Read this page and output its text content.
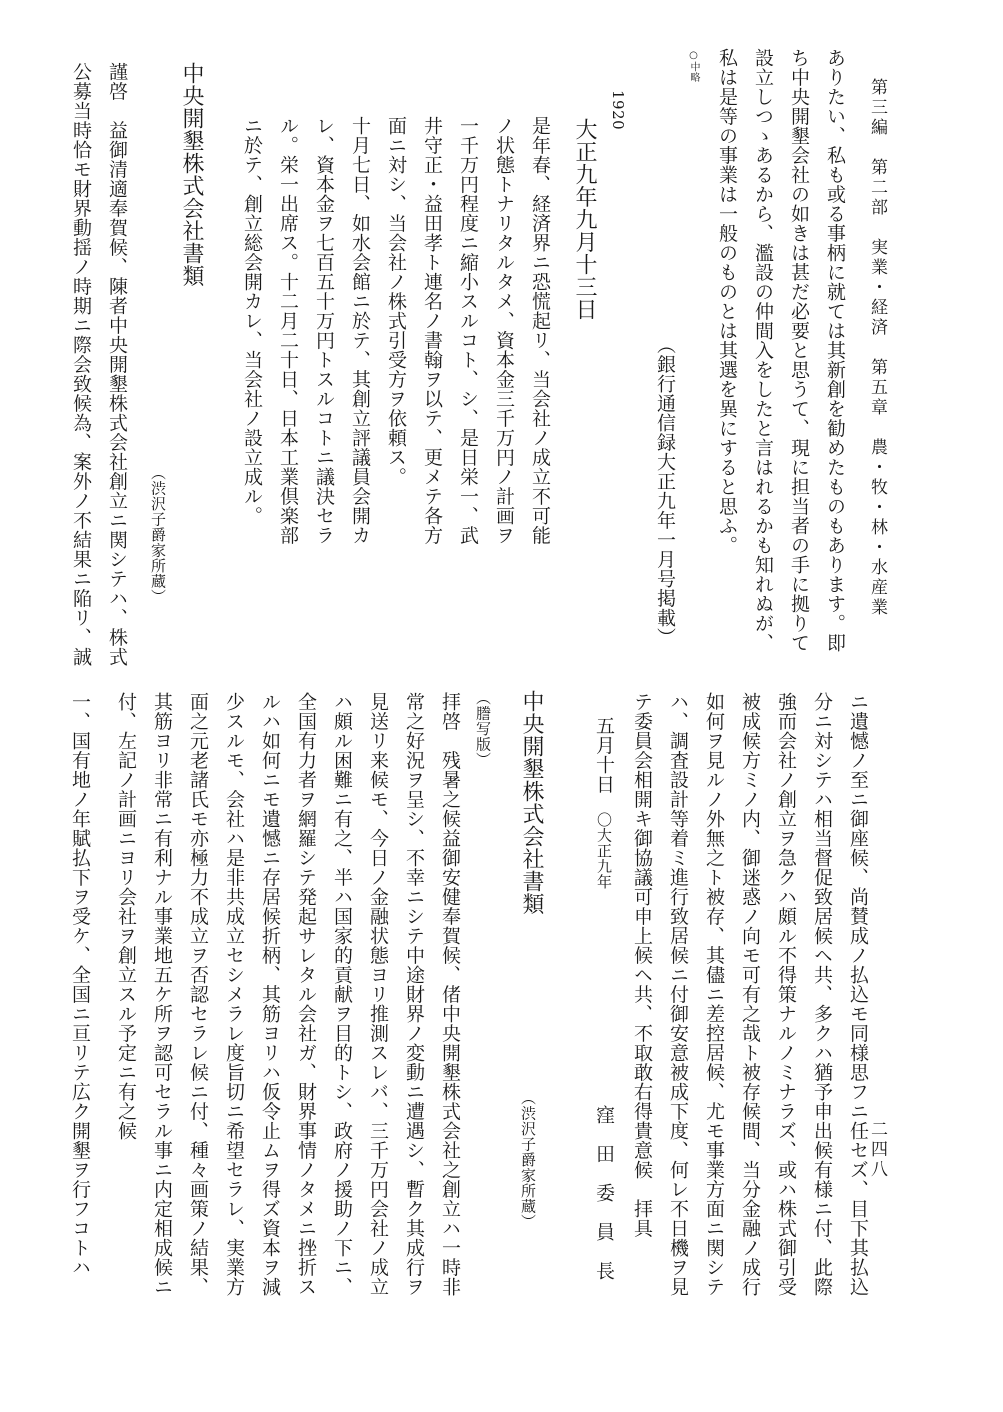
第三編　第二部　実業・経済　第五章　農・牧・林・水産業
二四八
ありたい、私も或る事柄に就ては其新創を勧めたものもあります。即
ち中央開墾会社の如きは甚だ必要と思うて、現に担当者の手に拠りて
設立しつゝあるから、濫設の仲間入をしたと言はれるかも知れぬが、
私は是等の事業は一般のものとは其選を異にすると思ふ。
○中略
（銀行通信録大正九年一月号掲載）
1920
大正九年九月十三日
是年春、経済界ニ恐慌起リ、当会社ノ成立不可能
ノ状態トナリタルタメ、資本金三千万円ノ計画ヲ
一千万円程度ニ縮小スルコト、シ、是日栄一、武
井守正・益田孝ト連名ノ書翰ヲ以テ、更メテ各方
面ニ対シ、当会社ノ株式引受方ヲ依頼ス。
十月七日、如水会館ニ於テ、其創立評議員会開カ
レ、資本金ヲ七百五十万円トスルコトニ議決セラ
ル。栄一出席ス。十二月二十日、日本工業倶楽部
ニ於テ、創立総会開カレ、当会社ノ設立成ル。
中央開墾株式会社書類
（渋沢子爵家所蔵）
謹啓　益御清適奉賀候、陳者中央開墾株式会社創立ニ関シテハ、株式
公募当時恰モ財界動揺ノ時期ニ際会致候為、案外ノ不結果ニ陥リ、誠
ニ遺憾ノ至ニ御座候、尚賛成ノ払込モ同様思フニ任セズ、目下其払込
分ニ対シテハ相当督促致居候ヘ共、多クハ猶予申出候有様ニ付、此際
強而会社ノ創立ヲ急クハ頗ル不得策ナルノミナラズ、或ハ株式御引受
被成候方ミノ内、御迷惑ノ向モ可有之哉ト被存候間、当分金融ノ成行
如何ヲ見ルノ外無之ト被存、其儘ニ差控居候、尤モ事業方面ニ関シテ
ハ、調査設計等着ミ進行致居候ニ付御安意被成下度、何レ不日機ヲ見
テ委員会相開キ御協議可申上候ヘ共、不取敢右得貴意候　拝具
五月十日
〇大正九年
窪　田　委　員　長
中央開墾株式会社書類
（渋沢子爵家所蔵）
（謄写版）
拝啓　残暑之候益御安健奉賀候、偖中央開墾株式会社之創立ハ一時非
常之好況ヲ呈シ、不幸ニシテ中途財界ノ変動ニ遭遇シ、暫ク其成行ヲ
見送リ来候モ、今日ノ金融状態ヨリ推測スレバ、三千万円会社ノ成立
ハ頗ル困難ニ有之、半ハ国家的貢献ヲ目的トシ、政府ノ援助ノ下ニ、
全国有力者ヲ網羅シテ発起サレタル会社ガ、財界事情ノタメニ挫折ス
ルハ如何ニモ遺憾ニ存居候折柄、其筋ヨリハ仮令止ムヲ得ズ資本ヲ減
少スルモ、会社ハ是非共成立セシメラレ度旨切ニ希望セラレ、実業方
面之元老諸氏モ亦極力不成立ヲ否認セラレ候ニ付、種々画策ノ結果、
其筋ヨリ非常ニ有利ナル事業地五ケ所ヲ認可セラル事ニ内定相成候ニ
付、左記ノ計画ニヨリ会社ヲ創立スル予定ニ有之候
一、国有地ノ年賦払下ヲ受ケ、全国ニ亘リテ広ク開墾ヲ行フコトハ
